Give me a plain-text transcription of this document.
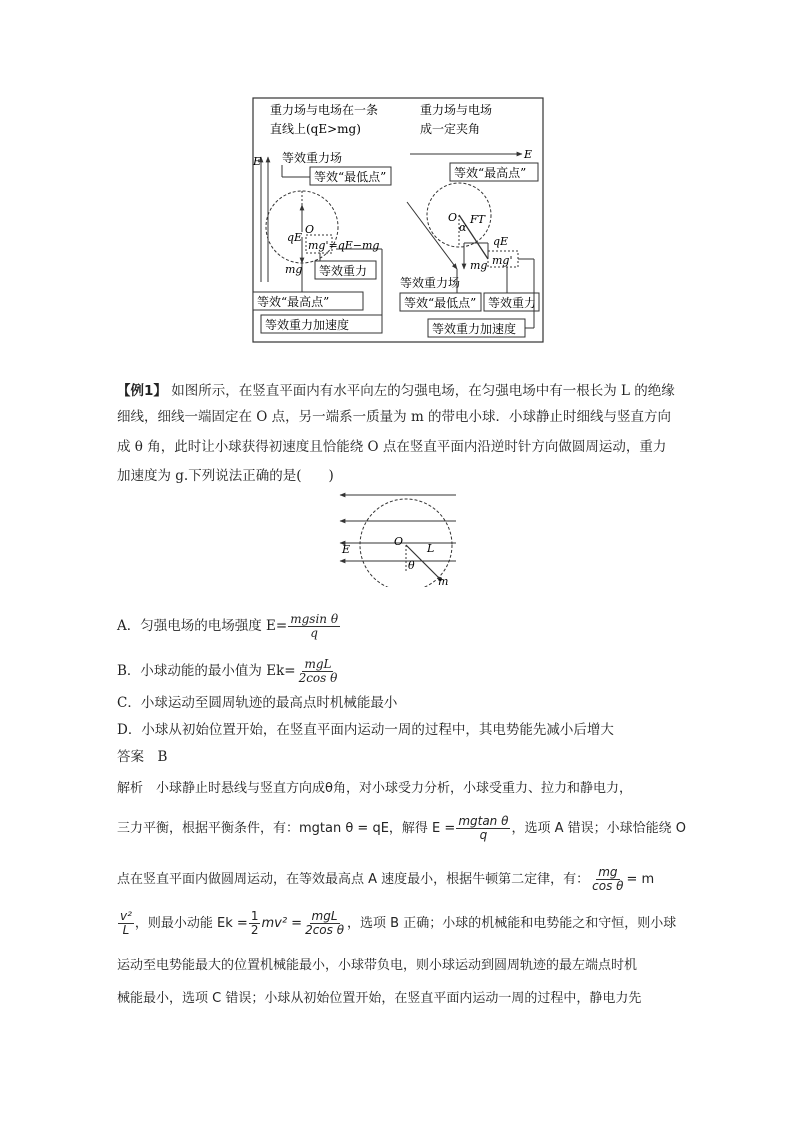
重力场与电场在一条
直线上(qE>mg)
重力场与电场
成一定夹角
E 等效重力场
等效“最低点”
O
qE
mg'=qE−mg
mg 等效重力
等效“最高点”
等效重力加速度
E
等效“最高点”
O FT
α
qE
mg mg'
等效重力场
等效“最低点” 等效重力
等效重力加速度
【例1】 如图所示，在竖直平面内有水平向左的匀强电场，在匀强电场中有一根长为 L 的绝缘
细线，细线一端固定在 O 点，另一端系一质量为 m 的带电小球．小球静止时细线与竖直方向
成 θ 角，此时让小球获得初速度且恰能绕 O 点在竖直平面内沿逆时针方向做圆周运动，重力
加速度为 g.下列说法正确的是(　　)
O
L
θ
m
E
A．匀强电场的电场强度 $E= \frac{\text{mgsin θ}}{q}$
B．小球动能的最小值为 $Ek= \frac{\text{mgL}}{\text{2cos θ}}$
C．小球运动至圆周轨迹的最高点时机械能最小
D．小球从初始位置开始，在竖直平面内运动一周的过程中，其电势能先减小后增大
答案　 B
解析　小球静止时悬线与竖直方向成θ角，对小球受力分析，小球受重力、拉力和静电力，
三力平衡，根据平衡条件，有：mgtan θ = qE，解得 $E = \frac{\text{mgtan θ}}{q}$ ，选项 A 错误；小球恰能绕 O
点在竖直平面内做圆周运动，在等效最高点 A 速度最小，根据牛顿第二定律，有： $\frac{mg}{\text{cos θ}} = m$
$\frac{\text{v²}}{L}$ ，则最小动能 $Ek = \frac{1}{2} mv^2 = \frac{\text{mgL}}{\text{2cos θ}}$ ，选项 B 正确；小球的机械能和电势能之和守恒，则小球
运动至电势能最大的位置机械能最小，小球带负电，则小球运动到圆周轨迹的最左端点时机
械能最小，选项 C 错误；小球从初始位置开始，在竖直平面内运动一周的过程中，静电力先
